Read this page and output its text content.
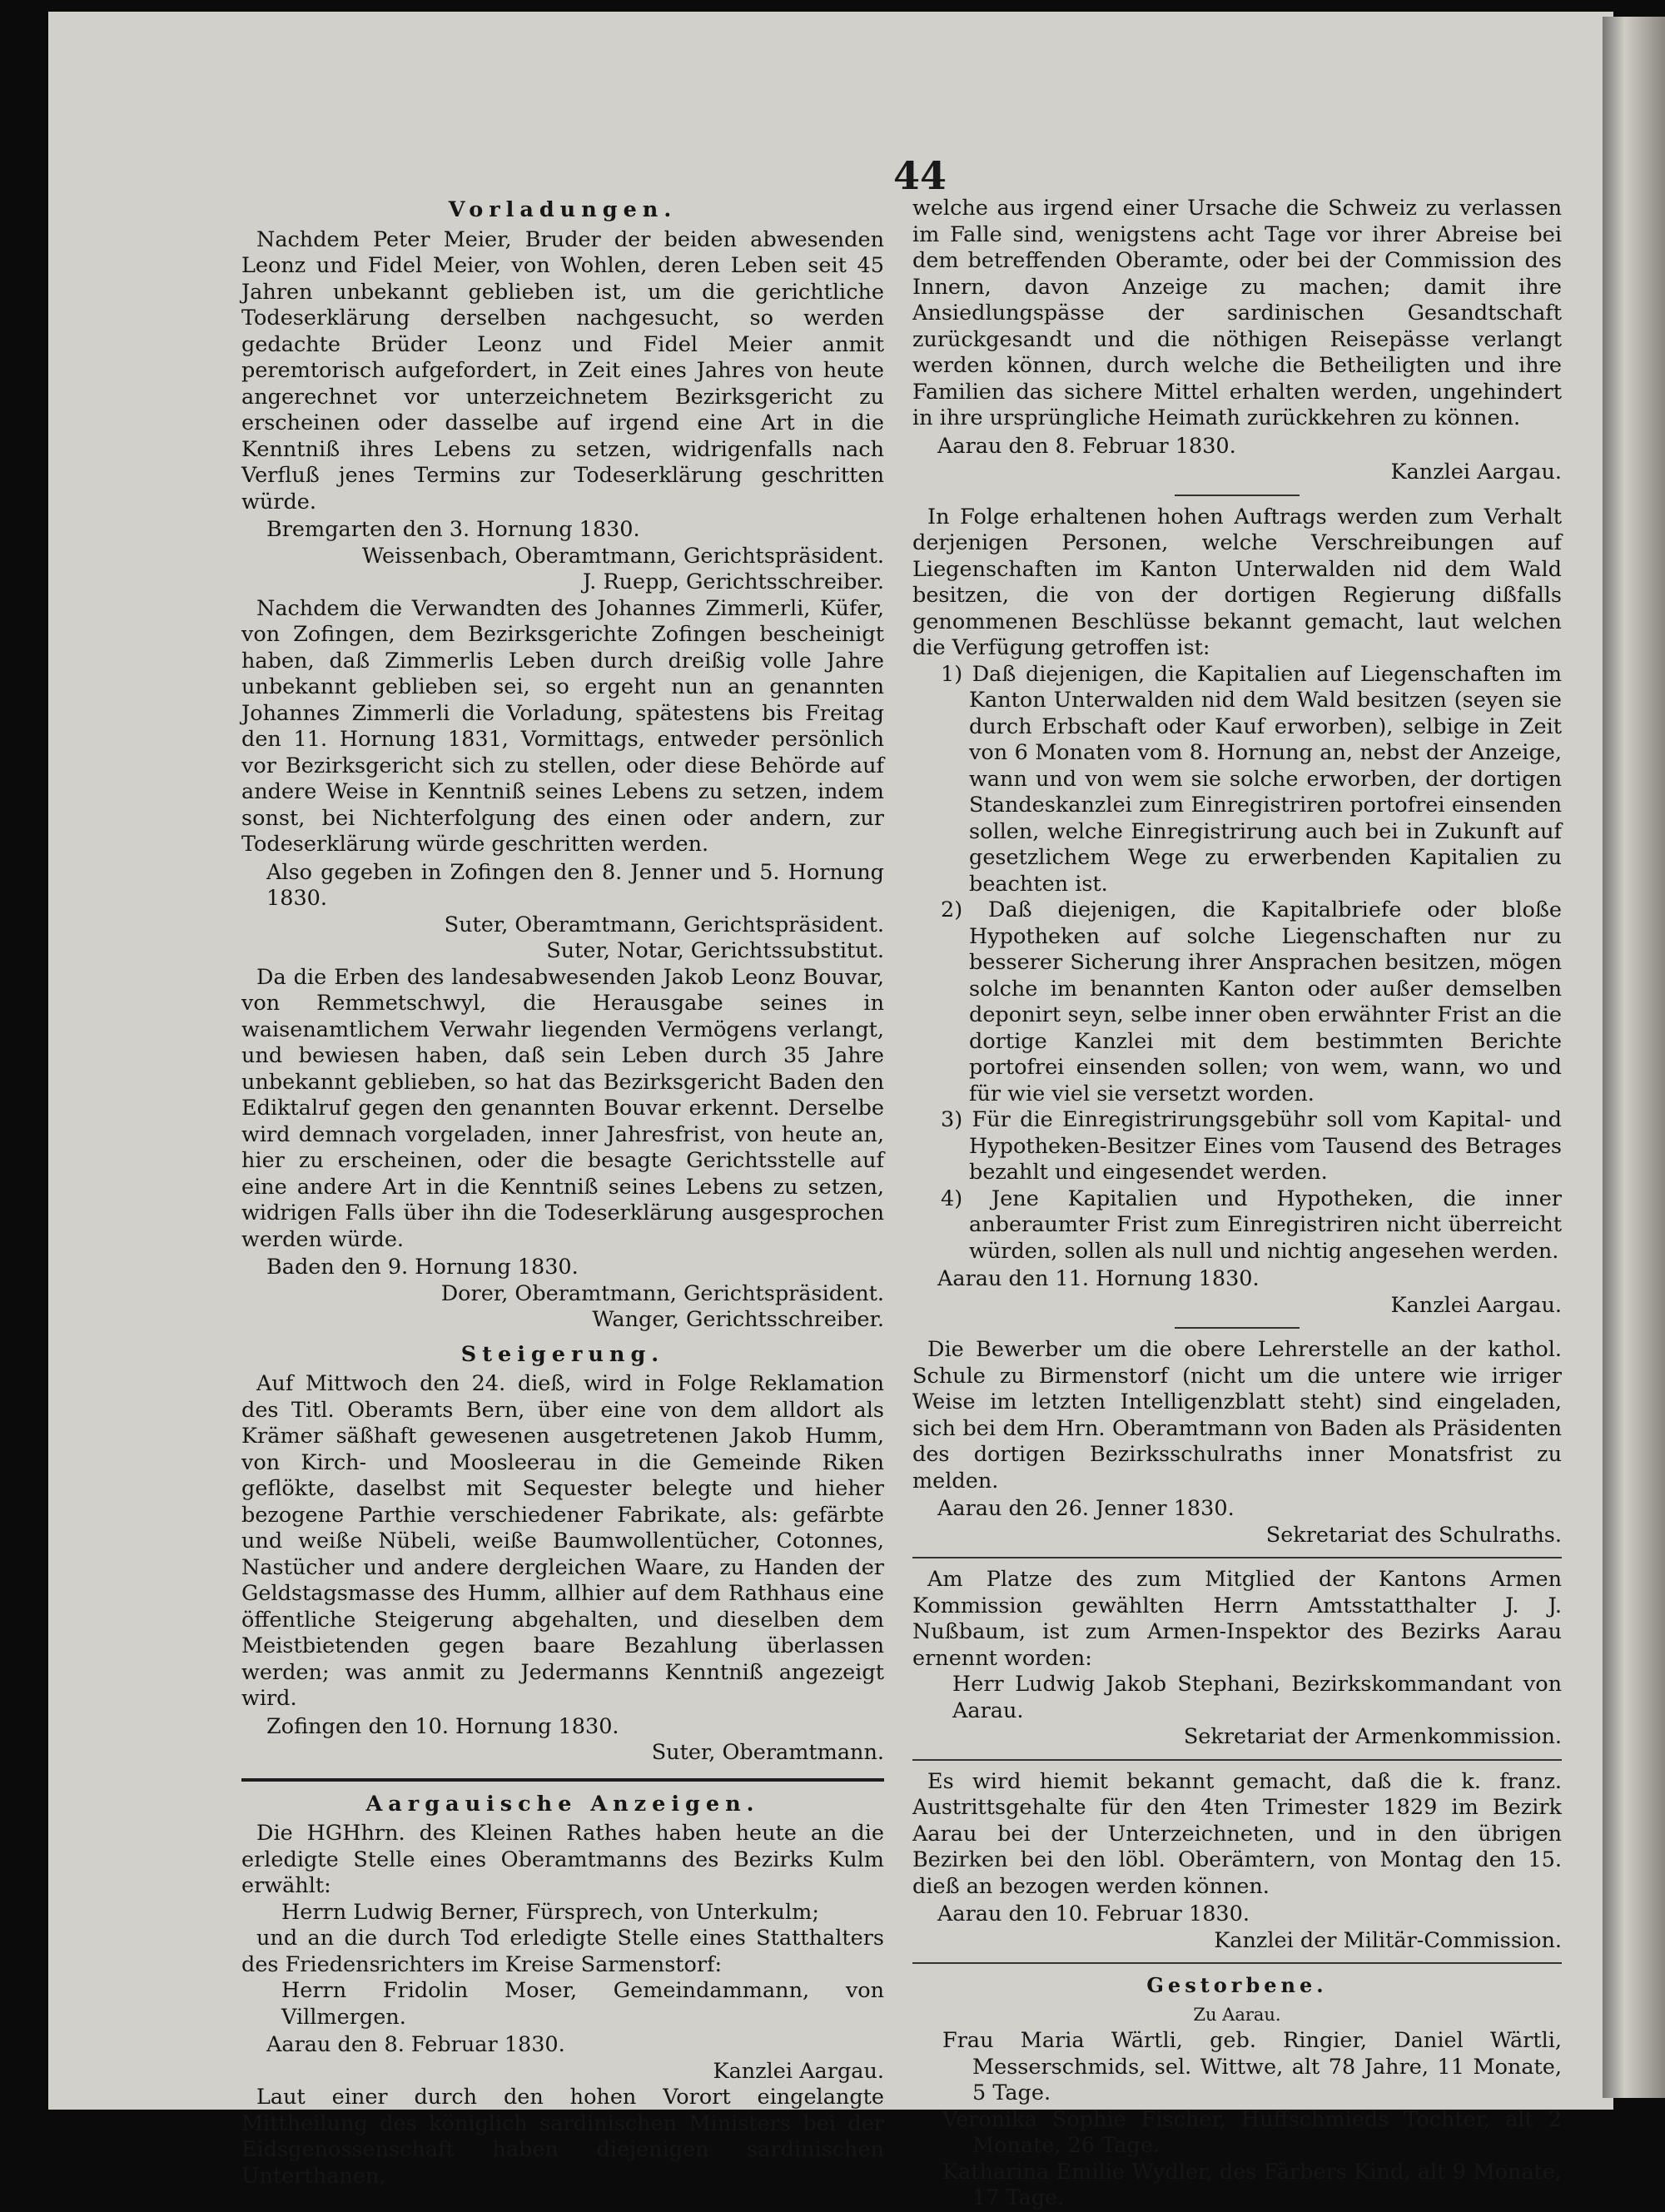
44
Vorladungen.

Nachdem Peter Meier, Bruder der beiden abwesenden Leonz und Fidel Meier, von Wohlen, deren Leben seit 45 Jahren unbekannt geblieben ist, um die gerichtliche Todeserklärung derselben nachgesucht, so werden gedachte Brüder Leonz und Fidel Meier anmit peremtorisch aufgefordert, in Zeit eines Jahres von heute angerechnet vor unterzeichnetem Bezirksgericht zu erscheinen oder dasselbe auf irgend eine Art in die Kenntniß ihres Lebens zu setzen, widrigenfalls nach Verfluß jenes Termins zur Todeserklärung geschritten würde.

Bremgarten den 3. Hornung 1830.
Weissenbach, Oberamtmann, Gerichtspräsident.
J. Ruepp, Gerichtsschreiber.

Nachdem die Verwandten des Johannes Zimmerli, Küfer, von Zofingen, dem Bezirksgerichte Zofingen bescheinigt haben, daß Zimmerlis Leben durch dreißig volle Jahre unbekannt geblieben sei, so ergeht nun an genannten Johannes Zimmerli die Vorladung, spätestens bis Freitag den 11. Hornung 1831, Vormittags, entweder persönlich vor Bezirksgericht sich zu stellen, oder diese Behörde auf andere Weise in Kenntniß seines Lebens zu setzen, indem sonst, bei Nichterfolgung des einen oder andern, zur Todeserklärung würde geschritten werden.

Also gegeben in Zofingen den 8. Jenner und 5. Hornung 1830.
Suter, Oberamtmann, Gerichtspräsident.
Suter, Notar, Gerichtssubstitut.

Da die Erben des landesabwesenden Jakob Leonz Bouvar, von Remmetschwyl, die Herausgabe seines in waisenamtlichem Verwahr liegenden Vermögens verlangt, und bewiesen haben, daß sein Leben durch 35 Jahre unbekannt geblieben, so hat das Bezirksgericht Baden den Ediktalruf gegen den genannten Bouvar erkennt. Derselbe wird demnach vorgeladen, inner Jahresfrist, von heute an, hier zu erscheinen, oder die besagte Gerichtsstelle auf eine andere Art in die Kenntniß seines Lebens zu setzen, widrigen Falls über ihn die Todeserklärung ausgesprochen werden würde.

Baden den 9. Hornung 1830.
Dorer, Oberamtmann, Gerichtspräsident.
Wanger, Gerichtsschreiber.
Steigerung.

Auf Mittwoch den 24. dieß, wird in Folge Reklamation des Titl. Oberamts Bern, über eine von dem alldort als Krämer säßhaft gewesenen ausgetretenen Jakob Humm, von Kirch- und Moosleerau in die Gemeinde Riken geflökte, daselbst mit Sequester belegte und hieher bezogene Parthie verschiedener Fabrikate, als: gefärbte und weiße Nübeli, weiße Baumwollentücher, Cotonnes, Nastücher und andere dergleichen Waare, zu Handen der Geldstagsmasse des Humm, allhier auf dem Rathhaus eine öffentliche Steigerung abgehalten, und dieselben dem Meistbietenden gegen baare Bezahlung überlassen werden; was anmit zu Jedermanns Kenntniß angezeigt wird.

Zofingen den 10. Hornung 1830.
Suter, Oberamtmann.
Aargauische Anzeigen.

Die HGHhrn. des Kleinen Rathes haben heute an die erledigte Stelle eines Oberamtmanns des Bezirks Kulm erwählt:

Herrn Ludwig Berner, Fürsprech, von Unterkulm;

und an die durch Tod erledigte Stelle eines Statthalters des Friedensrichters im Kreise Sarmenstorf:

Herrn Fridolin Moser, Gemeindammann, von Villmergen.
Aarau den 8. Februar 1830.
Kanzlei Aargau.

Laut einer durch den hohen Vorort eingelangte Mittheilung des königlich sardinischen Ministers bei der Eidsgenossenschaft haben diejenigen sardinischen Unterthanen,

welche aus irgend einer Ursache die Schweiz zu verlassen im Falle sind, wenigstens acht Tage vor ihrer Abreise bei dem betreffenden Oberamte, oder bei der Commission des Innern, davon Anzeige zu machen; damit ihre Ansiedlungspässe der sardinischen Gesandtschaft zurückgesandt und die nöthigen Reisepässe verlangt werden können, durch welche die Betheiligten und ihre Familien das sichere Mittel erhalten werden, ungehindert in ihre ursprüngliche Heimath zurückkehren zu können.

Aarau den 8. Februar 1830.
Kanzlei Aargau.

In Folge erhaltenen hohen Auftrags werden zum Verhalt derjenigen Personen, welche Verschreibungen auf Liegenschaften im Kanton Unterwalden nid dem Wald besitzen, die von der dortigen Regierung dißfalls genommenen Beschlüsse bekannt gemacht, laut welchen die Verfügung getroffen ist:

1) Daß diejenigen, die Kapitalien auf Liegenschaften im Kanton Unterwalden nid dem Wald besitzen (seyen sie durch Erbschaft oder Kauf erworben), selbige in Zeit von 6 Monaten vom 8. Hornung an, nebst der Anzeige, wann und von wem sie solche erworben, der dortigen Standeskanzlei zum Einregistriren portofrei einsenden sollen, welche Einregistrirung auch bei in Zukunft auf gesetzlichem Wege zu erwerbenden Kapitalien zu beachten ist.
2) Daß diejenigen, die Kapitalbriefe oder bloße Hypotheken auf solche Liegenschaften nur zu besserer Sicherung ihrer Ansprachen besitzen, mögen solche im benannten Kanton oder außer demselben deponirt seyn, selbe inner oben erwähnter Frist an die dortige Kanzlei mit dem bestimmten Berichte portofrei einsenden sollen; von wem, wann, wo und für wie viel sie versetzt worden.
3) Für die Einregistrirungsgebühr soll vom Kapital- und Hypotheken-Besitzer Eines vom Tausend des Betrages bezahlt und eingesendet werden.
4) Jene Kapitalien und Hypotheken, die inner anberaumter Frist zum Einregistriren nicht überreicht würden, sollen als null und nichtig angesehen werden.
Aarau den 11. Hornung 1830.
Kanzlei Aargau.

Die Bewerber um die obere Lehrerstelle an der kathol. Schule zu Birmenstorf (nicht um die untere wie irriger Weise im letzten Intelligenzblatt steht) sind eingeladen, sich bei dem Hrn. Oberamtmann von Baden als Präsidenten des dortigen Bezirksschulraths inner Monatsfrist zu melden.

Aarau den 26. Jenner 1830.
Sekretariat des Schulraths.

Am Platze des zum Mitglied der Kantons Armen Kommission gewählten Herrn Amtsstatthalter J. J. Nußbaum, ist zum Armen-Inspektor des Bezirks Aarau ernennt worden:

Herr Ludwig Jakob Stephani, Bezirkskommandant von Aarau.
Sekretariat der Armenkommission.

Es wird hiemit bekannt gemacht, daß die k. franz. Austrittsgehalte für den 4ten Trimester 1829 im Bezirk Aarau bei der Unterzeichneten, und in den übrigen Bezirken bei den löbl. Oberämtern, von Montag den 15. dieß an bezogen werden können.

Aarau den 10. Februar 1830.
Kanzlei der Militär-Commission.
Gestorbene.
Zu Aarau.
Frau Maria Wärtli, geb. Ringier, Daniel Wärtli, Messerschmids, sel. Wittwe, alt 78 Jahre, 11 Monate, 5 Tage.
Veronika Sophie Fischer, Huffschmieds Tochter, alt 2 Monate, 26 Tage.
Katharina Emilie Wydler, des Färbers Kind, alt 9 Monate, 17 Tage.
